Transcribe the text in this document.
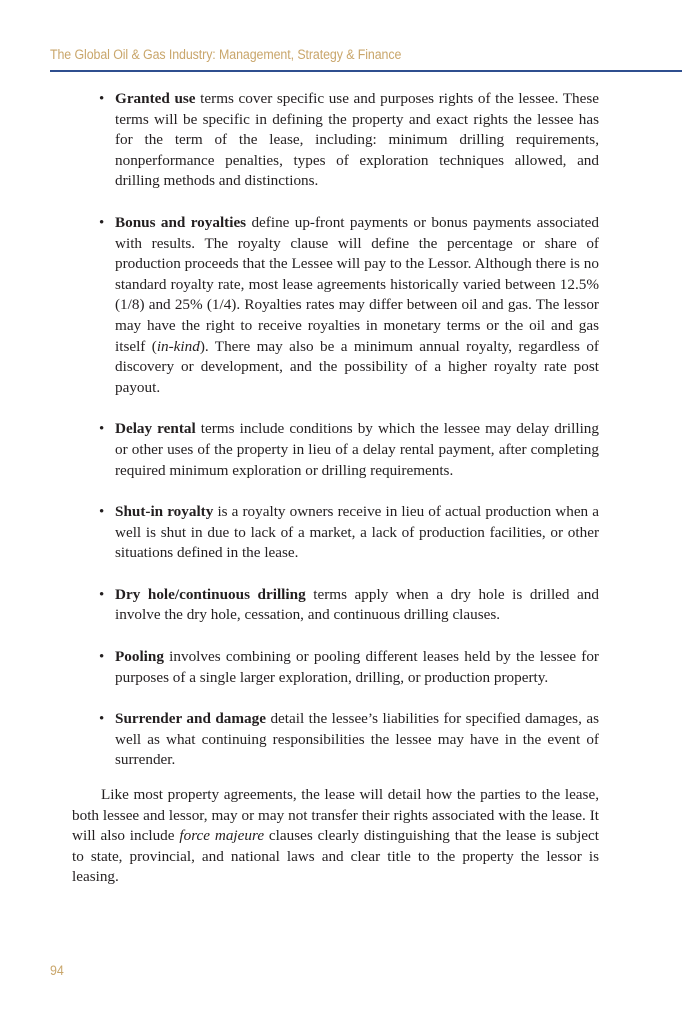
The Global Oil & Gas Industry: Management, Strategy & Finance
• Granted use terms cover specific use and purposes rights of the lessee. These terms will be specific in defining the property and exact rights the lessee has for the term of the lease, including: minimum drilling requirements, nonperformance penalties, types of exploration techniques allowed, and drilling methods and distinctions.
• Bonus and royalties define up-front payments or bonus payments associated with results. The royalty clause will define the percentage or share of production proceeds that the Lessee will pay to the Lessor. Although there is no standard royalty rate, most lease agreements historically varied between 12.5% (1/8) and 25% (1/4). Royalties rates may differ between oil and gas. The lessor may have the right to receive royalties in monetary terms or the oil and gas itself (in-kind). There may also be a minimum annual royalty, regardless of discovery or development, and the possibility of a higher royalty rate post payout.
• Delay rental terms include conditions by which the lessee may delay drilling or other uses of the property in lieu of a delay rental payment, after completing required minimum exploration or drilling requirements.
• Shut-in royalty is a royalty owners receive in lieu of actual production when a well is shut in due to lack of a market, a lack of production facilities, or other situations defined in the lease.
• Dry hole/continuous drilling terms apply when a dry hole is drilled and involve the dry hole, cessation, and continuous drilling clauses.
• Pooling involves combining or pooling different leases held by the lessee for purposes of a single larger exploration, drilling, or production property.
• Surrender and damage detail the lessee’s liabilities for specified damages, as well as what continuing responsibilities the lessee may have in the event of surrender.

Like most property agreements, the lease will detail how the parties to the lease, both lessee and lessor, may or may not transfer their rights associated with the lease. It will also include force majeure clauses clearly distinguishing that the lease is subject to state, provincial, and national laws and clear title to the property the lessor is leasing.

94
